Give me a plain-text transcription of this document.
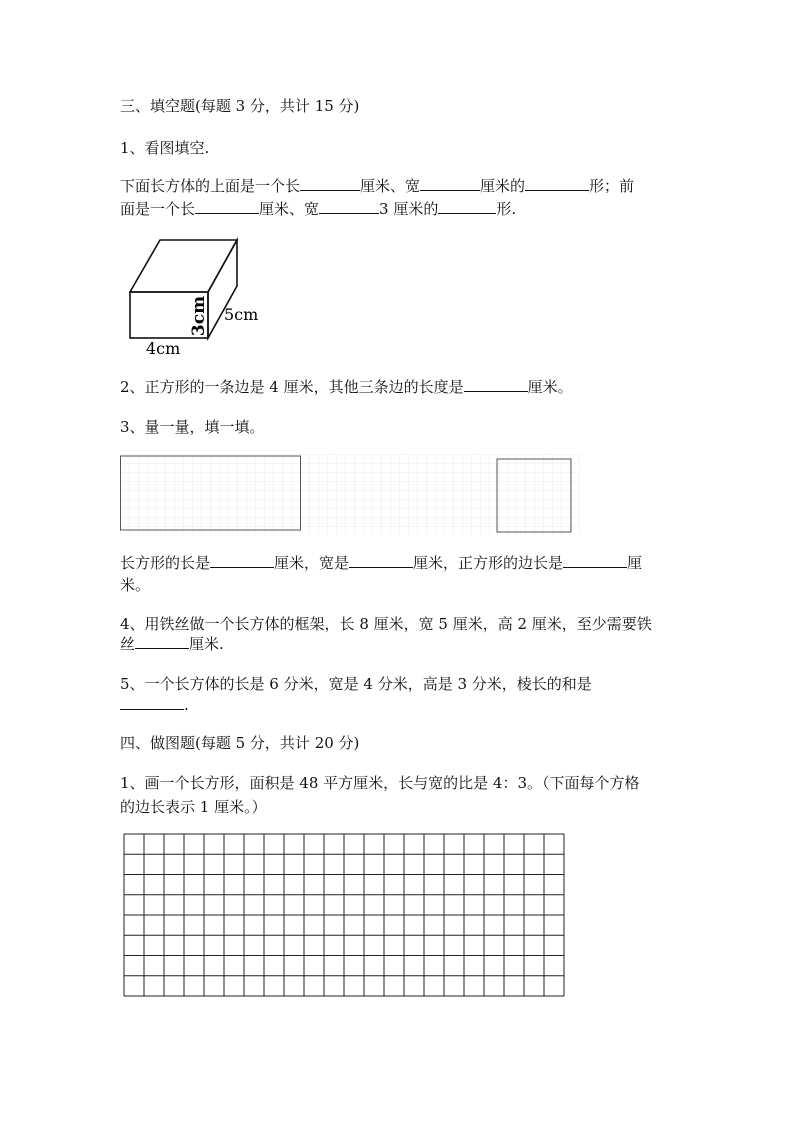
三、填空题(每题 3 分，共计 15 分)
1、看图填空.
下面长方体的上面是一个长	厘米、宽	厘米的	形；前
面是一个长	厘米、宽	3 厘米的	形.
3cm 5cm
4cm
2、正方形的一条边是 4 厘米，其他三条边的长度是	厘米。
3、量一量，填一填。
长方形的长是	厘米，宽是	厘米，正方形的边长是	厘
米。
4、用铁丝做一个长方体的框架，长 8 厘米，宽 5 厘米，高 2 厘米，至少需要铁
丝	厘米.
5、一个长方体的长是 6 分米，宽是 4 分米，高是 3 分米，棱长的和是
.
四、做图题(每题 5 分，共计 20 分)
1、画一个长方形，面积是 48 平方厘米，长与宽的比是 4：3。（下面每个方格
的边长表示 1 厘米。）
